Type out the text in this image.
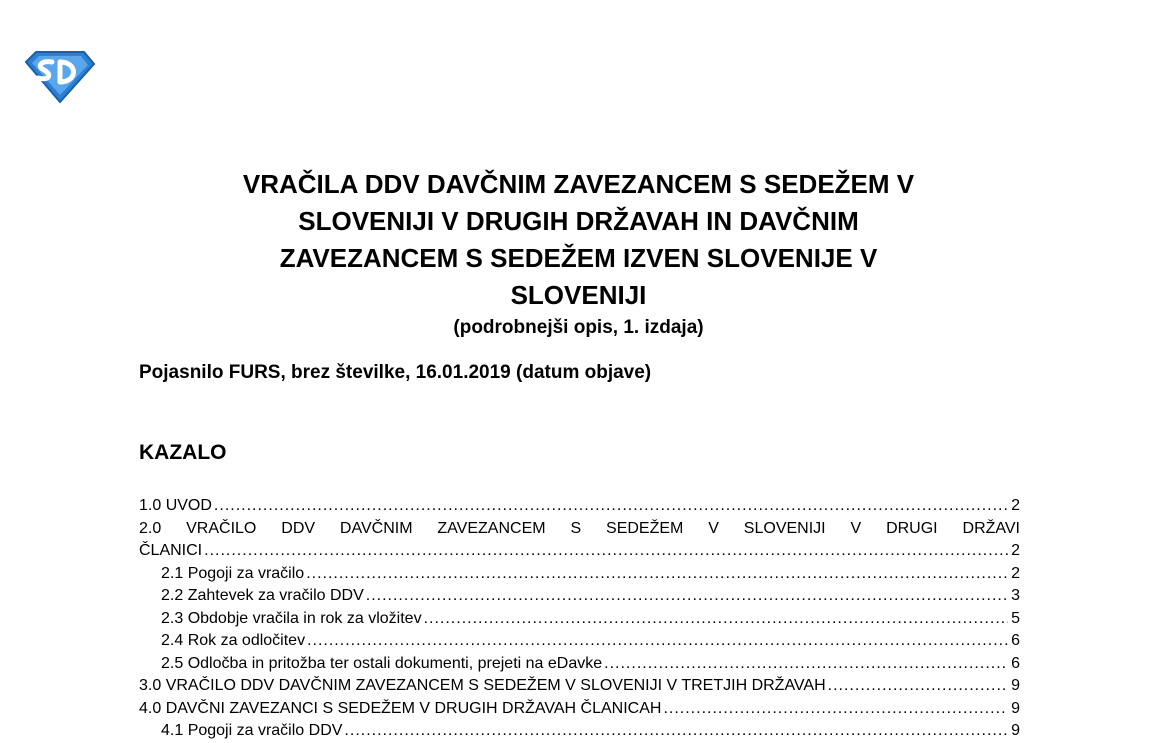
VRAČILA DDV DAVČNIM ZAVEZANCEM S SEDEŽEM V
SLOVENIJI V DRUGIH DRŽAVAH IN DAVČNIM
ZAVEZANCEM S SEDEŽEM IZVEN SLOVENIJE V
SLOVENIJI
(podrobnejši opis, 1. izdaja)
Pojasnilo FURS, brez številke, 16.01.2019 (datum objave)
KAZALO
1.0 UVOD .....	2
2.0 VRAČILO DDV DAVČNIM ZAVEZANCEM S SEDEŽEM V SLOVENIJI V DRUGI DRŽAVI
ČLANICI .....	2
2.1 Pogoji za vračilo .....	2
2.2 Zahtevek za vračilo DDV .....	3
2.3 Obdobje vračila in rok za vložitev .....	5
2.4 Rok za odločitev .....	6
2.5 Odločba in pritožba ter ostali dokumenti, prejeti na eDavke .....	6
3.0 VRAČILO DDV DAVČNIM ZAVEZANCEM S SEDEŽEM V SLOVENIJI V TRETJIH DRŽAVAH .....	9
4.0 DAVČNI ZAVEZANCI S SEDEŽEM V DRUGIH DRŽAVAH ČLANICAH .....	9
4.1 Pogoji za vračilo DDV .....	9
